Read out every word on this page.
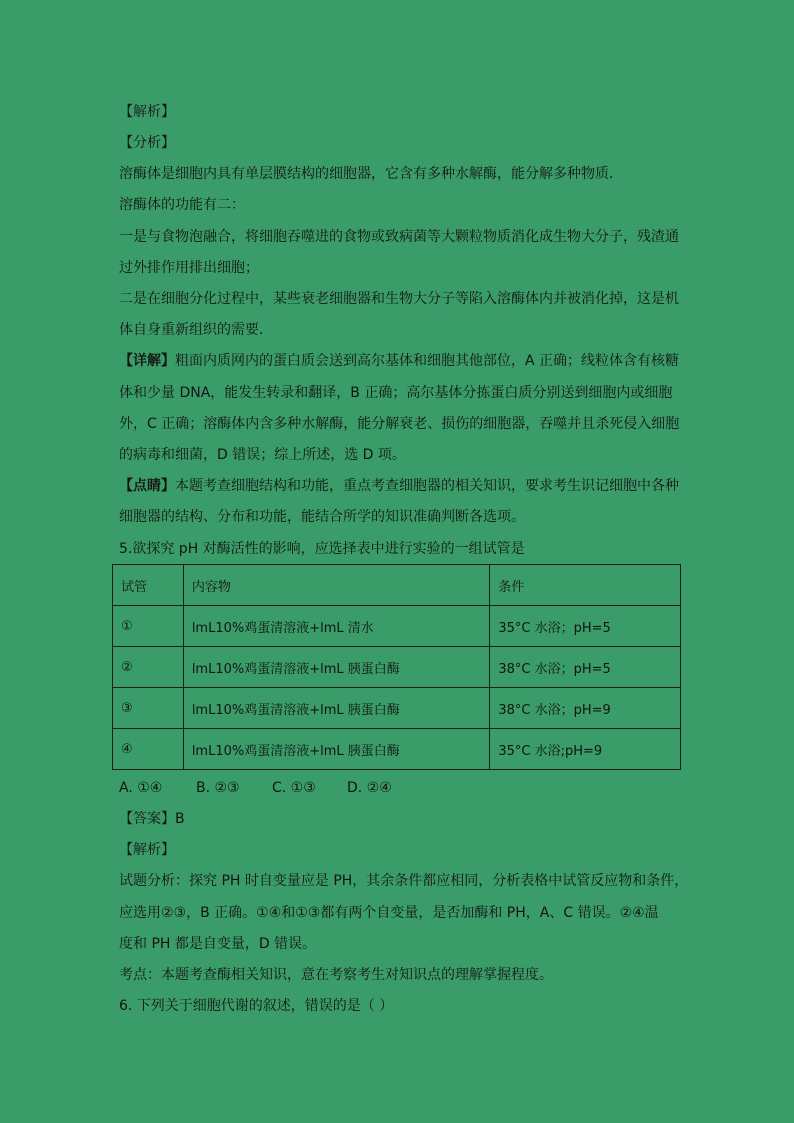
【解析】
【分析】
溶酶体是细胞内具有单层膜结构的细胞器，它含有多种水解酶，能分解多种物质．
溶酶体的功能有二：
一是与食物泡融合，将细胞吞噬进的食物或致病菌等大颗粒物质消化成生物大分子，残渣通
过外排作用排出细胞；
二是在细胞分化过程中，某些衰老细胞器和生物大分子等陷入溶酶体内并被消化掉，这是机
体自身重新组织的需要．
【详解】粗面内质网内的蛋白质会送到高尔基体和细胞其他部位，A 正确；线粒体含有核糖
体和少量 DNA，能发生转录和翻译，B 正确；高尔基体分拣蛋白质分别送到细胞内或细胞
外，C 正确；溶酶体内含多种水解酶，能分解衰老、损伤的细胞器，吞噬并且杀死侵入细胞
的病毒和细菌，D 错误；综上所述，选 D 项。
【点睛】本题考查细胞结构和功能，重点考查细胞器的相关知识，要求考生识记细胞中各种
细胞器的结构、分布和功能，能结合所学的知识准确判断各选项。
5.欲探究 pH 对酶活性的影响，应选择表中进行实验的一组试管是
试管	内容物	条件
①	lmL10%鸡蛋清溶液+lmL 清水	35°C 水浴；pH=5
②	lmL10%鸡蛋清溶液+lmL 胰蛋白酶	38°C 水浴；pH=5
③	lmL10%鸡蛋清溶液+lmL 胰蛋白酶	38°C 水浴；pH=9
④	lmL10%鸡蛋清溶液+lmL 胰蛋白酶	35°C 水浴;pH=9
A. ①④ B. ②③ C. ①③ D. ②④
【答案】B
【解析】
试题分析：探究 PH 时自变量应是 PH，其余条件都应相同，分析表格中试管反应物和条件，
应选用②③，B 正确。①④和①③都有两个自变量，是否加酶和 PH，A、C 错误。②④温
度和 PH 都是自变量，D 错误。
考点：本题考查酶相关知识，意在考察考生对知识点的理解掌握程度。
6. 下列关于细胞代谢的叙述，错误的是（ ）
